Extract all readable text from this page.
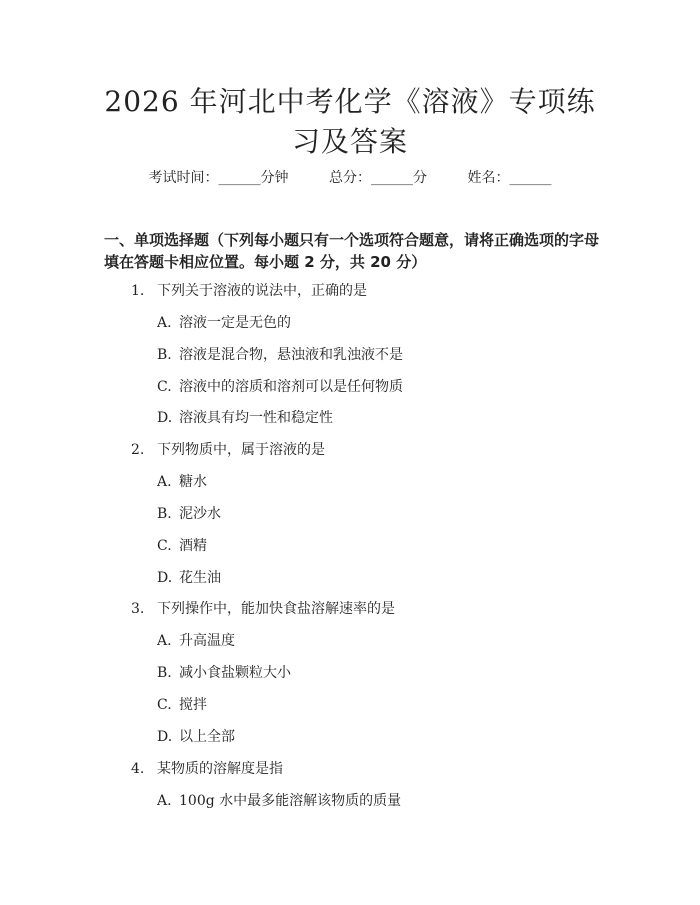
2026 年河北中考化学《溶液》专项练习及答案
考试时间：______分钟	总分：______分	姓名：______
一、单项选择题（下列每小题只有一个选项符合题意，请将正确选项的字母填在答题卡相应位置。每小题 2 分，共 20 分）
1. 下列关于溶液的说法中，正确的是
A. 溶液一定是无色的
B. 溶液是混合物，悬浊液和乳浊液不是
C. 溶液中的溶质和溶剂可以是任何物质
D. 溶液具有均一性和稳定性
2. 下列物质中，属于溶液的是
A. 糖水
B. 泥沙水
C. 酒精
D. 花生油
3. 下列操作中，能加快食盐溶解速率的是
A. 升高温度
B. 减小食盐颗粒大小
C. 搅拌
D. 以上全部
4. 某物质的溶解度是指
A. 100g 水中最多能溶解该物质的质量
